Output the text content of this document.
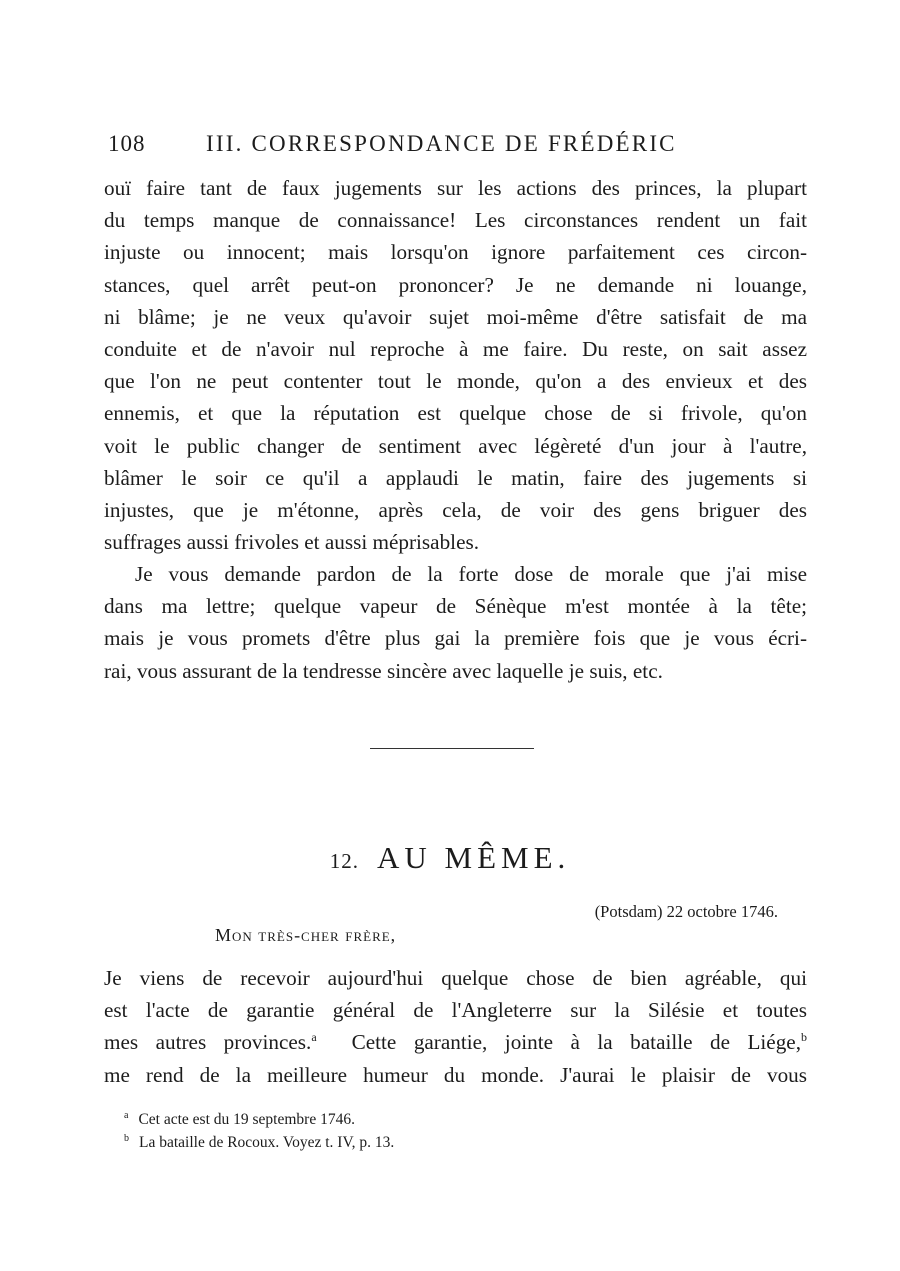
108	III. CORRESPONDANCE DE FRÉDÉRIC
ouï faire tant de faux jugements sur les actions des princes, la plupart
du temps manque de connaissance! Les circonstances rendent un fait
injuste ou innocent; mais lorsqu'on ignore parfaitement ces circon-
stances, quel arrêt peut-on prononcer? Je ne demande ni louange,
ni blâme; je ne veux qu'avoir sujet moi-même d'être satisfait de ma
conduite et de n'avoir nul reproche à me faire. Du reste, on sait assez
que l'on ne peut contenter tout le monde, qu'on a des envieux et des
ennemis, et que la réputation est quelque chose de si frivole, qu'on
voit le public changer de sentiment avec légèreté d'un jour à l'autre,
blâmer le soir ce qu'il a applaudi le matin, faire des jugements si
injustes, que je m'étonne, après cela, de voir des gens briguer des
suffrages aussi frivoles et aussi méprisables.
Je vous demande pardon de la forte dose de morale que j'ai mise
dans ma lettre; quelque vapeur de Sénèque m'est montée à la tête;
mais je vous promets d'être plus gai la première fois que je vous écri-
rai, vous assurant de la tendresse sincère avec laquelle je suis, etc.
12. AU MÊME.
(Potsdam) 22 octobre 1746.
Mon très-cher frère,
Je viens de recevoir aujourd'hui quelque chose de bien agréable, qui
est l'acte de garantie général de l'Angleterre sur la Silésie et toutes
mes autres provinces.$^a$ Cette garantie, jointe à la bataille de Liége,$^b$
me rend de la meilleure humeur du monde. J'aurai le plaisir de vous
$^a$ Cet acte est du 19 septembre 1746.
$^b$ La bataille de Rocoux. Voyez t. IV, p. 13.
